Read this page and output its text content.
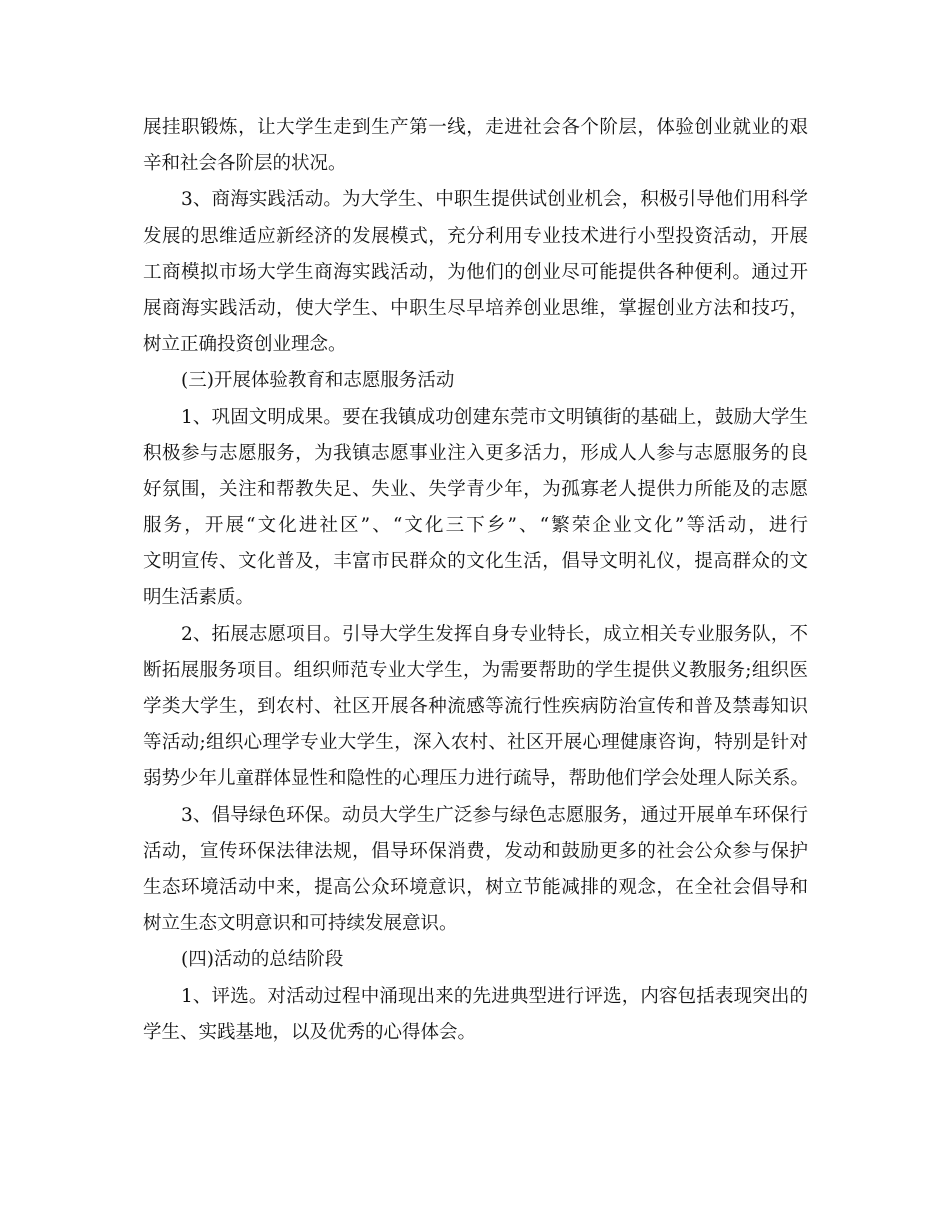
展挂职锻炼，让大学生走到生产第一线，走进社会各个阶层，体验创业就业的艰
辛和社会各阶层的状况。
3、商海实践活动。为大学生、中职生提供试创业机会，积极引导他们用科学
发展的思维适应新经济的发展模式，充分利用专业技术进行小型投资活动，开展
工商模拟市场大学生商海实践活动，为他们的创业尽可能提供各种便利。通过开
展商海实践活动，使大学生、中职生尽早培养创业思维，掌握创业方法和技巧，
树立正确投资创业理念。
(三)开展体验教育和志愿服务活动
1、巩固文明成果。要在我镇成功创建东莞市文明镇街的基础上，鼓励大学生
积极参与志愿服务，为我镇志愿事业注入更多活力，形成人人参与志愿服务的良
好氛围，关注和帮教失足、失业、失学青少年，为孤寡老人提供力所能及的志愿
服务，开展“文化进社区”、“文化三下乡”、“繁荣企业文化”等活动，进行
文明宣传、文化普及，丰富市民群众的文化生活，倡导文明礼仪，提高群众的文
明生活素质。
2、拓展志愿项目。引导大学生发挥自身专业特长，成立相关专业服务队，不
断拓展服务项目。组织师范专业大学生，为需要帮助的学生提供义教服务;组织医
学类大学生，到农村、社区开展各种流感等流行性疾病防治宣传和普及禁毒知识
等活动;组织心理学专业大学生，深入农村、社区开展心理健康咨询，特别是针对
弱势少年儿童群体显性和隐性的心理压力进行疏导，帮助他们学会处理人际关系。
3、倡导绿色环保。动员大学生广泛参与绿色志愿服务，通过开展单车环保行
活动，宣传环保法律法规，倡导环保消费，发动和鼓励更多的社会公众参与保护
生态环境活动中来，提高公众环境意识，树立节能减排的观念，在全社会倡导和
树立生态文明意识和可持续发展意识。
(四)活动的总结阶段
1、评选。对活动过程中涌现出来的先进典型进行评选，内容包括表现突出的
学生、实践基地，以及优秀的心得体会。
